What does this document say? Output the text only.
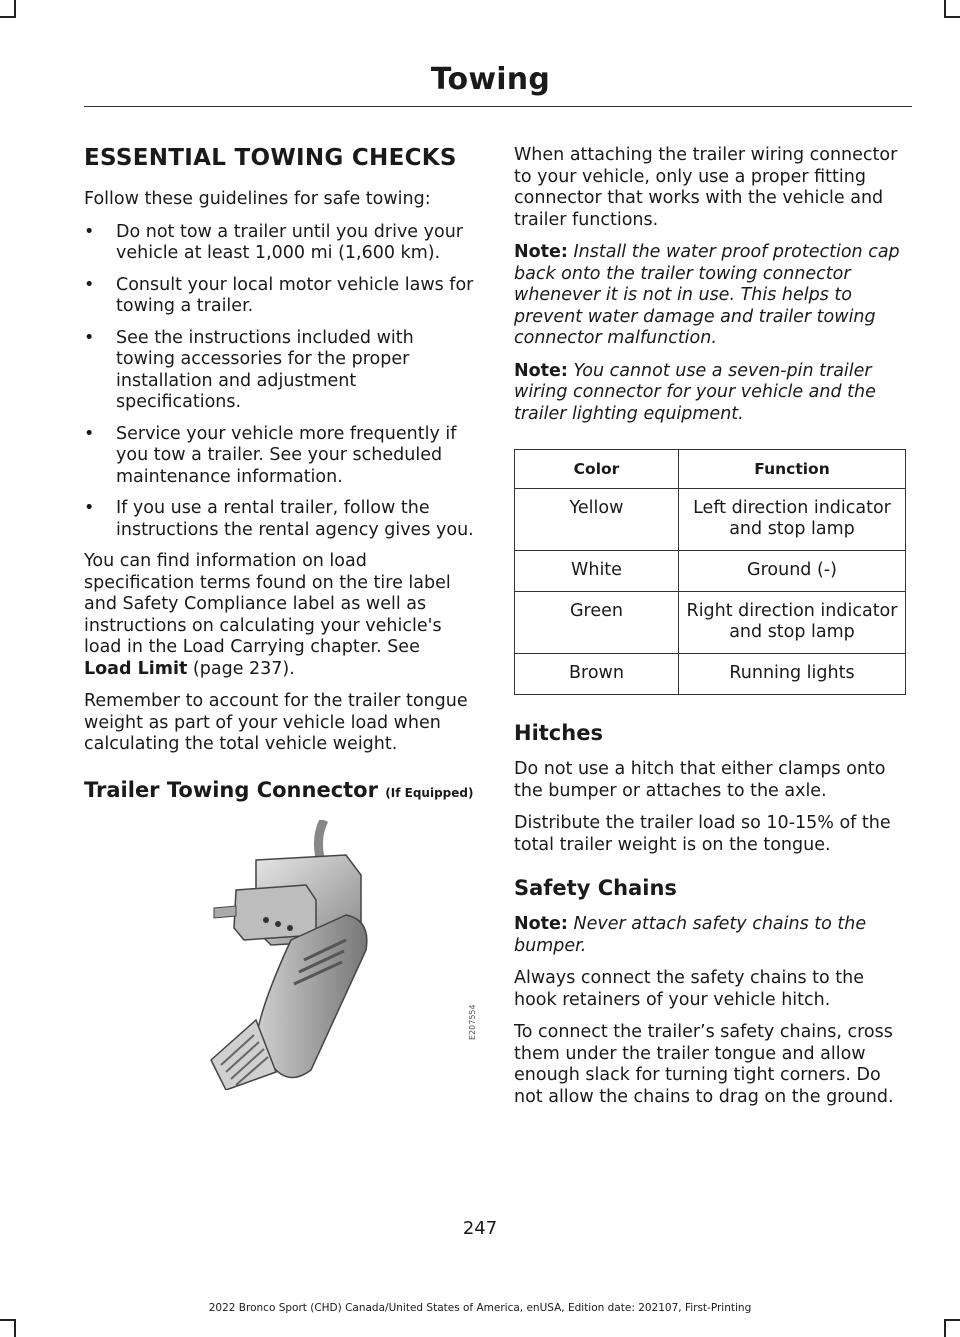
Towing
ESSENTIAL TOWING CHECKS

Follow these guidelines for safe towing:

• Do not tow a trailer until you drive your vehicle at least 1,000 mi (1,600 km).
• Consult your local motor vehicle laws for towing a trailer.
• See the instructions included with towing accessories for the proper installation and adjustment specifications.
• Service your vehicle more frequently if you tow a trailer. See your scheduled maintenance information.
• If you use a rental trailer, follow the instructions the rental agency gives you.

You can find information on load specification terms found on the tire label and Safety Compliance label as well as instructions on calculating your vehicle's load in the Load Carrying chapter. See
Load Limit (page 237).

Remember to account for the trailer tongue weight as part of your vehicle load when calculating the total vehicle weight.

Trailer Towing Connector (If Equipped)
E207554

When attaching the trailer wiring connector to your vehicle, only use a proper fitting connector that works with the vehicle and trailer functions.

Note: Install the water proof protection cap back onto the trailer towing connector whenever it is not in use. This helps to prevent water damage and trailer towing connector malfunction.

Note: You cannot use a seven-pin trailer wiring connector for your vehicle and the trailer lighting equipment.

Color	Function
Yellow	Left direction indicator and stop lamp
White	Ground (-)
Green	Right direction indicator and stop lamp
Brown	Running lights
Hitches

Do not use a hitch that either clamps onto the bumper or attaches to the axle.

Distribute the trailer load so 10-15% of the total trailer weight is on the tongue.

Safety Chains

Note: Never attach safety chains to the bumper.

Always connect the safety chains to the hook retainers of your vehicle hitch.

To connect the trailer’s safety chains, cross them under the trailer tongue and allow enough slack for turning tight corners. Do not allow the chains to drag on the ground.

247
2022 Bronco Sport (CHD) Canada/United States of America, enUSA, Edition date: 202107, First-Printing
